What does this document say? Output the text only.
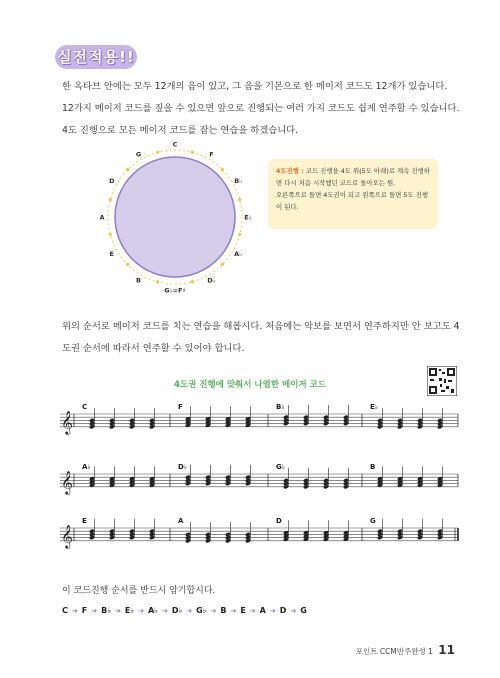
실전적용!!
한 옥타브 안에는 모두 12개의 음이 있고, 그 음을 기본으로 한 메이저 코드도 12개가 있습니다. 12가지 메이저 코드를 짚을 수 있으면 앞으로 진행되는 여러 가지 코드도 쉽게 연주할 수 있습니다.
4도 진행으로 모든 메이저 코드를 잡는 연습을 하겠습니다.
C
F
B♭
E♭
A♭
D♭
G♭=F♯
B
E
A
D
G
4도진행 : 코드 진행을 4도 위(5도 아래)로 계속 진행하면 다시 처음 시작했던 코드로 돌아오는 원.
오른쪽으로 돌면 4도권이 되고 왼쪽으로 돌면 5도 진행이 된다.
위의 순서로 메이저 코드를 치는 연습을 해봅시다. 처음에는 악보를 보면서 연주하지만 안 보고도 4도권 순서에 따라서 연주할 수 있어야 합니다.
4도권 진행에 맞춰서 나열한 메이저 코드
𝄞
C	F	B♭	E♭
𝄞
A♭	D♭	G♭	B
𝄞
E	A	D	G
이 코드진행 순서를 반드시 암기합시다.
C ➔ F ➔ B♭ ➔ E♭ ➔ A♭ ➔ D♭ ➔ G♭ ➔ B ➔ E ➔ A ➔ D ➔ G
포인트 CCM반주완성 1 11
